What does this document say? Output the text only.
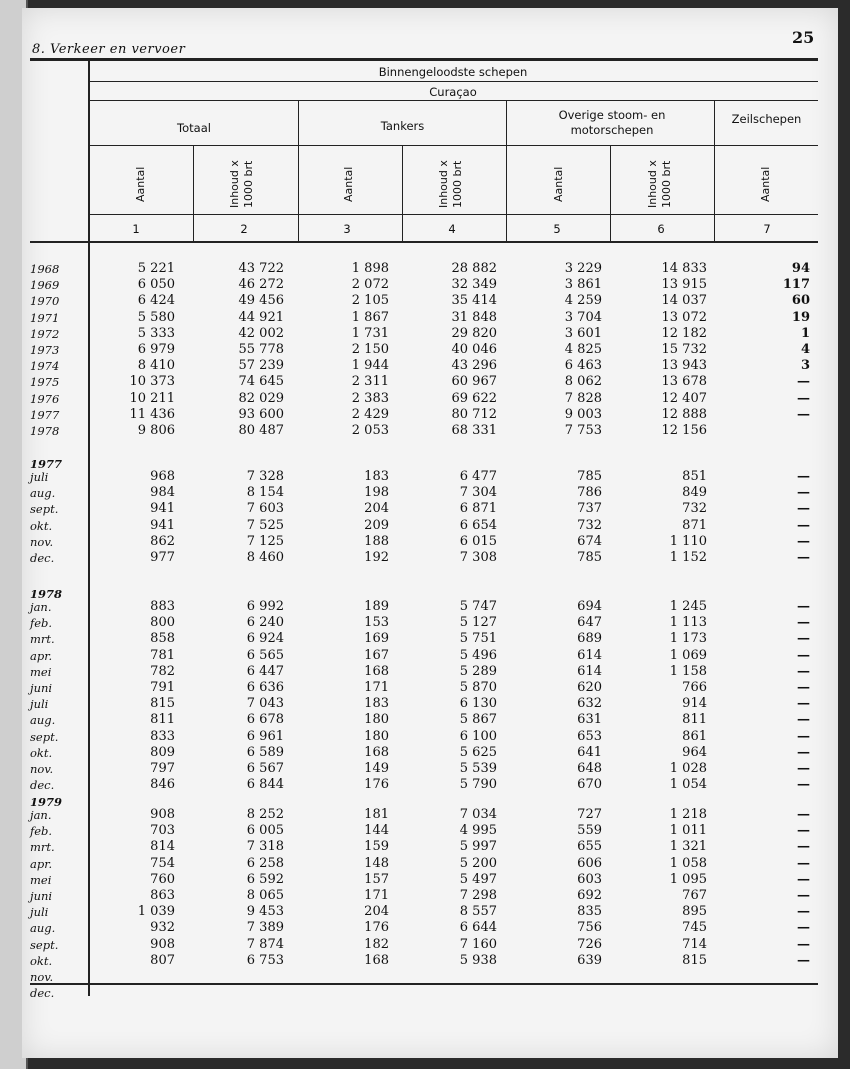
8. Verkeer en vervoer
25
Binnengeloodste schepen
Curaçao
Totaal	Tankers
Overige stoom- en motorschepen
Zeilschepen
Aantal	Inhoud x 1000 brt	Aantal	Inhoud x 1000 brt	Aantal	Inhoud x 1000 brt	Aantal
1	2	3	4	5	6	7
1968	5 221	43 722	1 898	28 882	3 229	14 833	94
1969	6 050	46 272	2 072	32 349	3 861	13 915	117
1970	6 424	49 456	2 105	35 414	4 259	14 037	60
1971	5 580	44 921	1 867	31 848	3 704	13 072	19
1972	5 333	42 002	1 731	29 820	3 601	12 182	1
1973	6 979	55 778	2 150	40 046	4 825	15 732	4
1974	8 410	57 239	1 944	43 296	6 463	13 943	3
1975	10 373	74 645	2 311	60 967	8 062	13 678	—
1976	10 211	82 029	2 383	69 622	7 828	12 407	—
1977	11 436	93 600	2 429	80 712	9 003	12 888	—
1978	9 806	80 487	2 053	68 331	7 753	12 156
1977
juli	968	7 328	183	6 477	785	851	—
aug.	984	8 154	198	7 304	786	849	—
sept.	941	7 603	204	6 871	737	732	—
okt.	941	7 525	209	6 654	732	871	—
nov.	862	7 125	188	6 015	674	1 110	—
dec.	977	8 460	192	7 308	785	1 152	—
1978
jan.	883	6 992	189	5 747	694	1 245	—
feb.	800	6 240	153	5 127	647	1 113	—
mrt.	858	6 924	169	5 751	689	1 173	—
apr.	781	6 565	167	5 496	614	1 069	—
mei	782	6 447	168	5 289	614	1 158	—
juni	791	6 636	171	5 870	620	766	—
juli	815	7 043	183	6 130	632	914	—
aug.	811	6 678	180	5 867	631	811	—
sept.	833	6 961	180	6 100	653	861	—
okt.	809	6 589	168	5 625	641	964	—
nov.	797	6 567	149	5 539	648	1 028	—
dec.	846	6 844	176	5 790	670	1 054	—
1979
jan.	908	8 252	181	7 034	727	1 218	—
feb.	703	6 005	144	4 995	559	1 011	—
mrt.	814	7 318	159	5 997	655	1 321	—
apr.	754	6 258	148	5 200	606	1 058	—
mei	760	6 592	157	5 497	603	1 095	—
juni	863	8 065	171	7 298	692	767	—
juli	1 039	9 453	204	8 557	835	895	—
aug.	932	7 389	176	6 644	756	745	—
sept.	908	7 874	182	7 160	726	714	—
okt.	807	6 753	168	5 938	639	815	—
nov.
dec.
